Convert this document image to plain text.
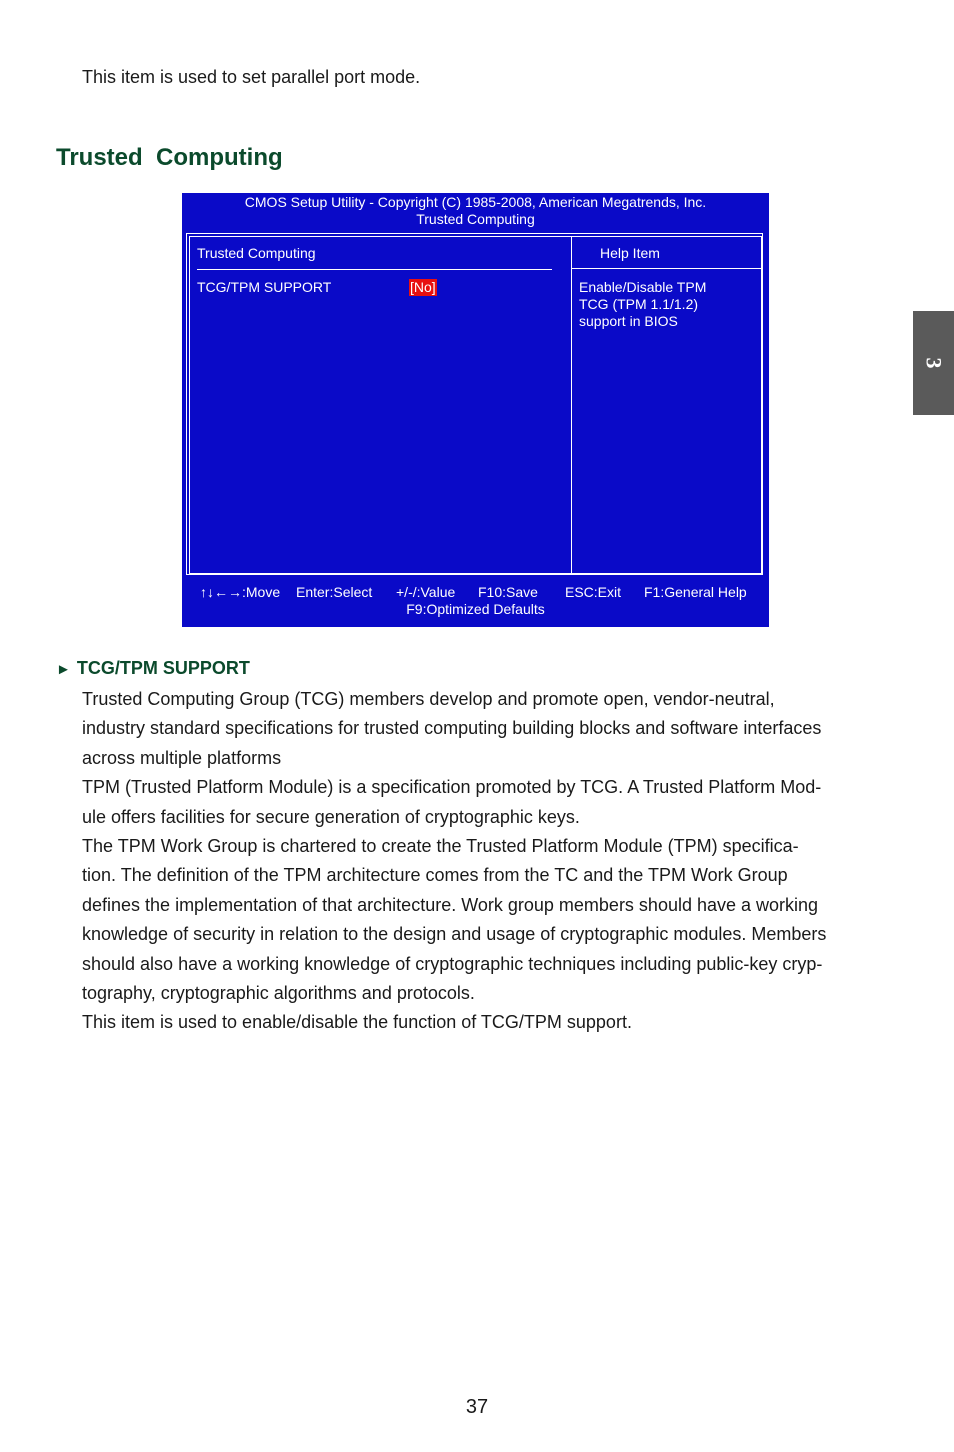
This item is used to set parallel port mode.
Trusted  Computing
3
CMOS Setup Utility - Copyright (C) 1985-2008, American Megatrends, Inc.
Trusted Computing
Trusted Computing
TCG/TPM SUPPORT	[No]
Help Item
Enable/Disable TPM
TCG (TPM 1.1/1.2)
support in BIOS
↑↓←→:Move Enter:Select +/-/:Value F10:Save ESC:Exit F1:General Help
F9:Optimized Defaults
► TCG/TPM SUPPORT
Trusted Computing Group (TCG) members develop and promote open, vendor-neutral,
industry standard specifications for trusted computing building blocks and software interfaces
across multiple platforms
TPM (Trusted Platform Module) is a specification promoted by TCG. A Trusted Platform Mod-
ule offers facilities for secure generation of cryptographic keys.
The TPM Work Group is chartered to create the Trusted Platform Module (TPM) specifica-
tion. The definition of the TPM architecture comes from the TC and the TPM Work Group
defines the implementation of that architecture. Work group members should have a working
knowledge of security in relation to the design and usage of cryptographic modules. Members
should also have a working knowledge of cryptographic techniques including public-key cryp-
tography, cryptographic algorithms and protocols.
This item is used to enable/disable the function of TCG/TPM support.
37
